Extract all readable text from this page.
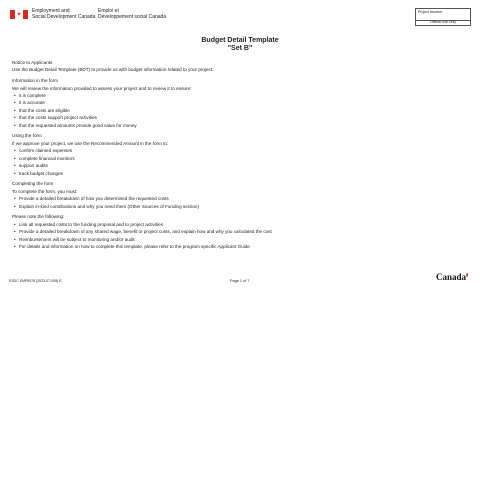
✦
Employment and
Social Development Canada
Emploi et
Développement social Canada
Project Number
Official Use Only
Budget Detail Template
"Set B"

Notice to Applicants

Use the Budget Detail Template (BDT) to provide us with budget information related to your project.

Information in the form

We will review the information provided to assess your project and to review it to ensure:

• it is complete
• it is accurate
• that the costs are eligible
• that the costs support project activities
• that the requested amounts provide good value for money

Using the form

If we approve your project, we use the Recommended Amount in the form to:

• confirm claimed expenses
• complete financial monitors
• support audits
• track budget changes

Completing the form

To complete the form, you must:

• Provide a detailed breakdown of how you determined the requested costs
• Explain in-kind contributions and why you need them (Other Sources of Funding section)

Please note the following:

• Link all requested costs to the funding proposal and to project activities
• Provide a detailed breakdown of any shared wage, benefit or project costs, and explain how and why you calculated the cost
• Reimbursement will be subject to monitoring and/or audit
• For details and information on how to complete this template, please refer to the program specific Applicant Guide
ESDC EMP5578 (2023-07-008) E	Page 1 of 7	Canada▮
